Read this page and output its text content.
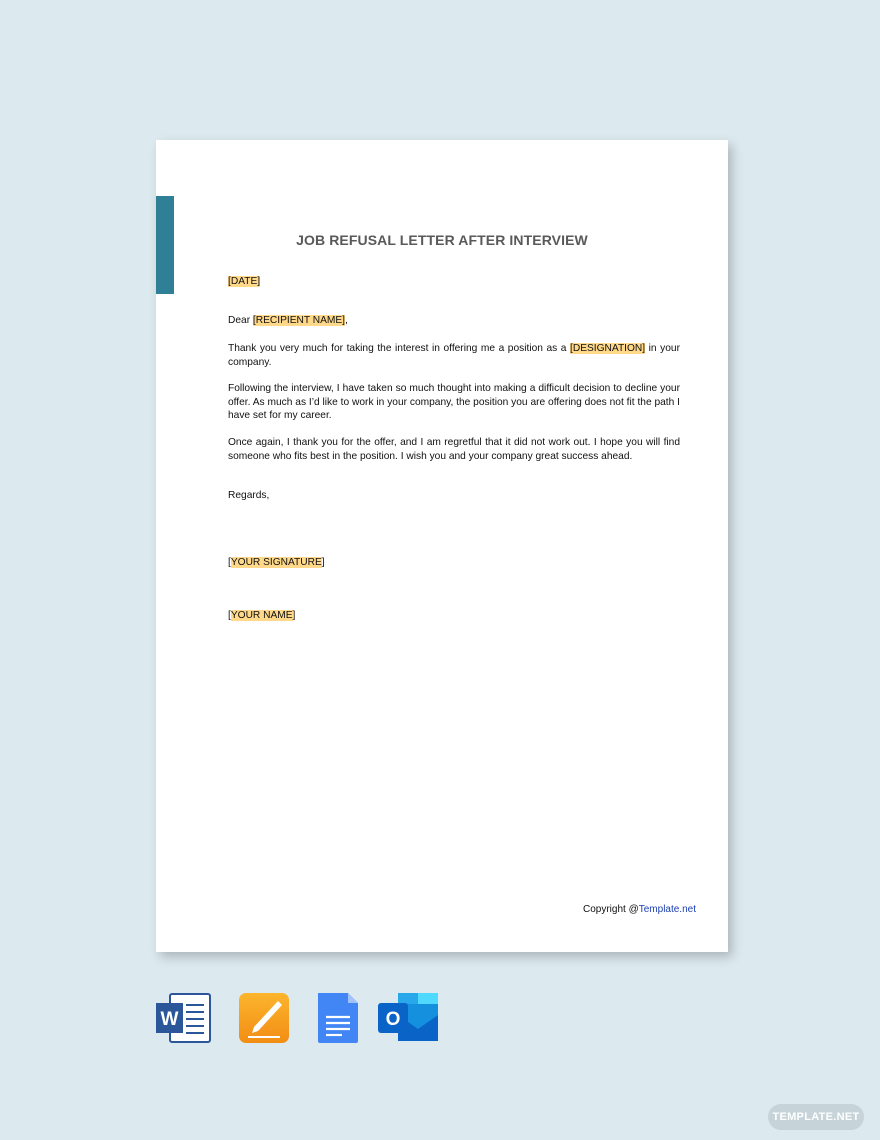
JOB REFUSAL LETTER AFTER INTERVIEW
[DATE]
Dear [RECIPIENT NAME],
Thank you very much for taking the interest in offering me a position as a [DESIGNATION] in your company.
Following the interview, I have taken so much thought into making a difficult decision to decline your offer. As much as I’d like to work in your company, the position you are offering does not fit the path I have set for my career.
Once again, I thank you for the offer, and I am regretful that it did not work out. I hope you will find someone who fits best in the position. I wish you and your company great success ahead.
Regards,
[YOUR SIGNATURE]
[YOUR NAME]
Copyright @Template.net
W	O
TEMPLATE.NET
